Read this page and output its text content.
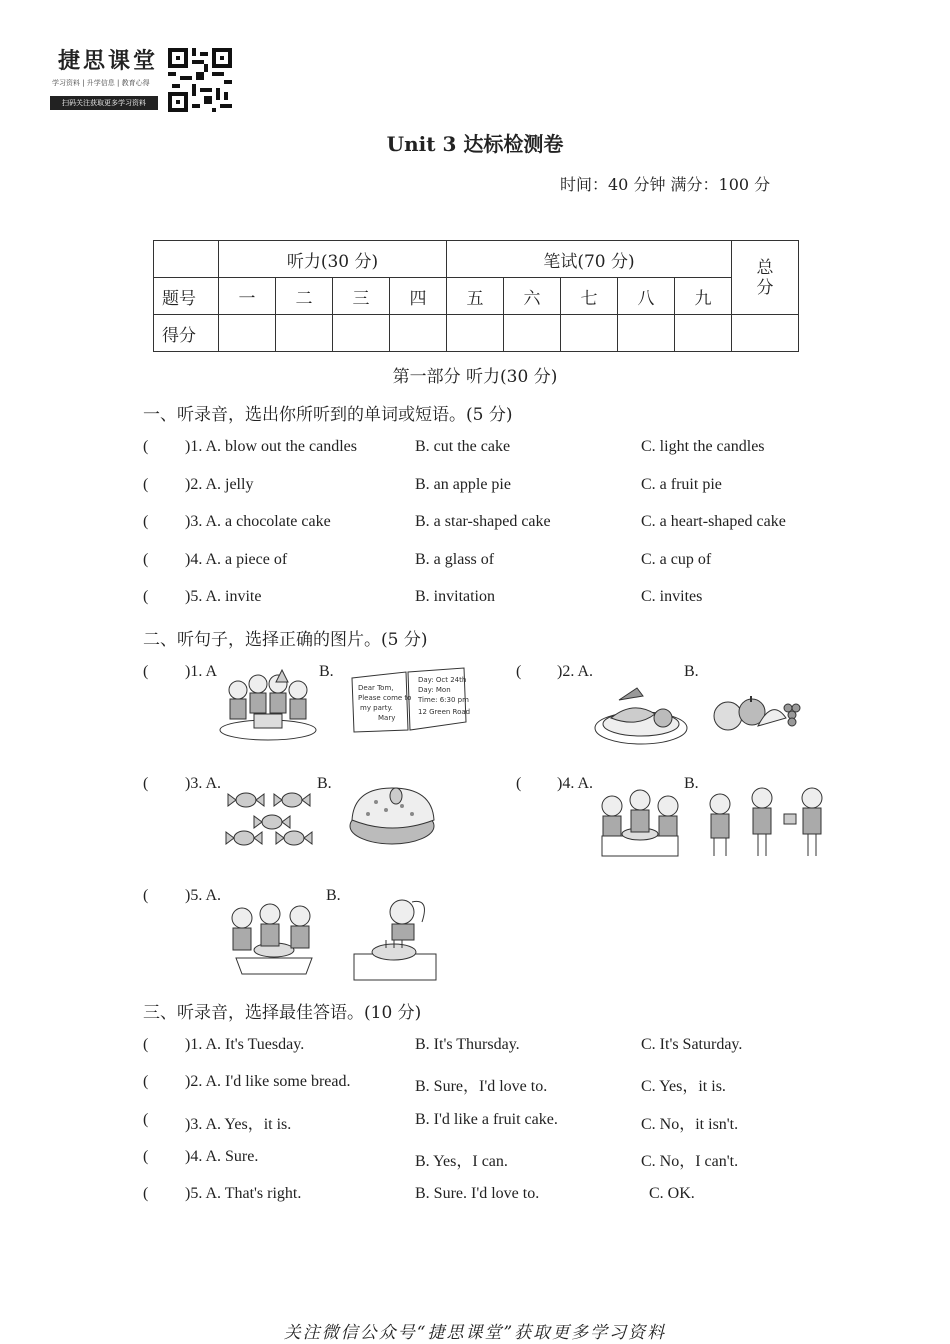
捷思课堂
学习资料 | 升学信息 | 教育心得
扫码关注获取更多学习资料
Unit 3 达标检测卷
时间：40 分钟 满分：100 分
	听力(30 分)				笔试(70 分)					总分

题号	一	二	三	四	五	六	七	八	九	
得分										
第一部分 听力(30 分)
一、听录音，选出你所听到的单词或短语。(5 分)
( )1. A. blow out the candles	B. cut the cake	C. light the candles
( )2. A. jelly	B. an apple pie	C. a fruit pie
( )3. A. a chocolate cake	B. a star-shaped cake	C. a heart-shaped cake
( )4. A. a piece of	B. a glass of	C. a cup of
( )5. A. invite	B. invitation	C. invites
二、听句子，选择正确的图片。(5 分)
( )1. A	B.	( )2. A.	B.
( )3. A.	B.	( )4. A.	B.
( )5. A.	B.
Dear Tom,
Please come to
my party.
Mary
Day: Oct 24th
Day: Mon
Time: 6:30 pm
12 Green Road
三、听录音，选择最佳答语。(10 分)
( )1. A. It's Tuesday.	B. It's Thursday.	C. It's Saturday.
( )2. A. I'd like some bread.	B. Sure，I'd love to.	C. Yes，it is.
( )3. A. Yes，it is.	B. I'd like a fruit cake.	C. No，it isn't.
( )4. A. Sure.	B. Yes，I can.	C. No，I can't.
( )5. A. That's right.	B. Sure. I'd love to.	C. OK.
关注微信公众号“捷思课堂”获取更多学习资料
